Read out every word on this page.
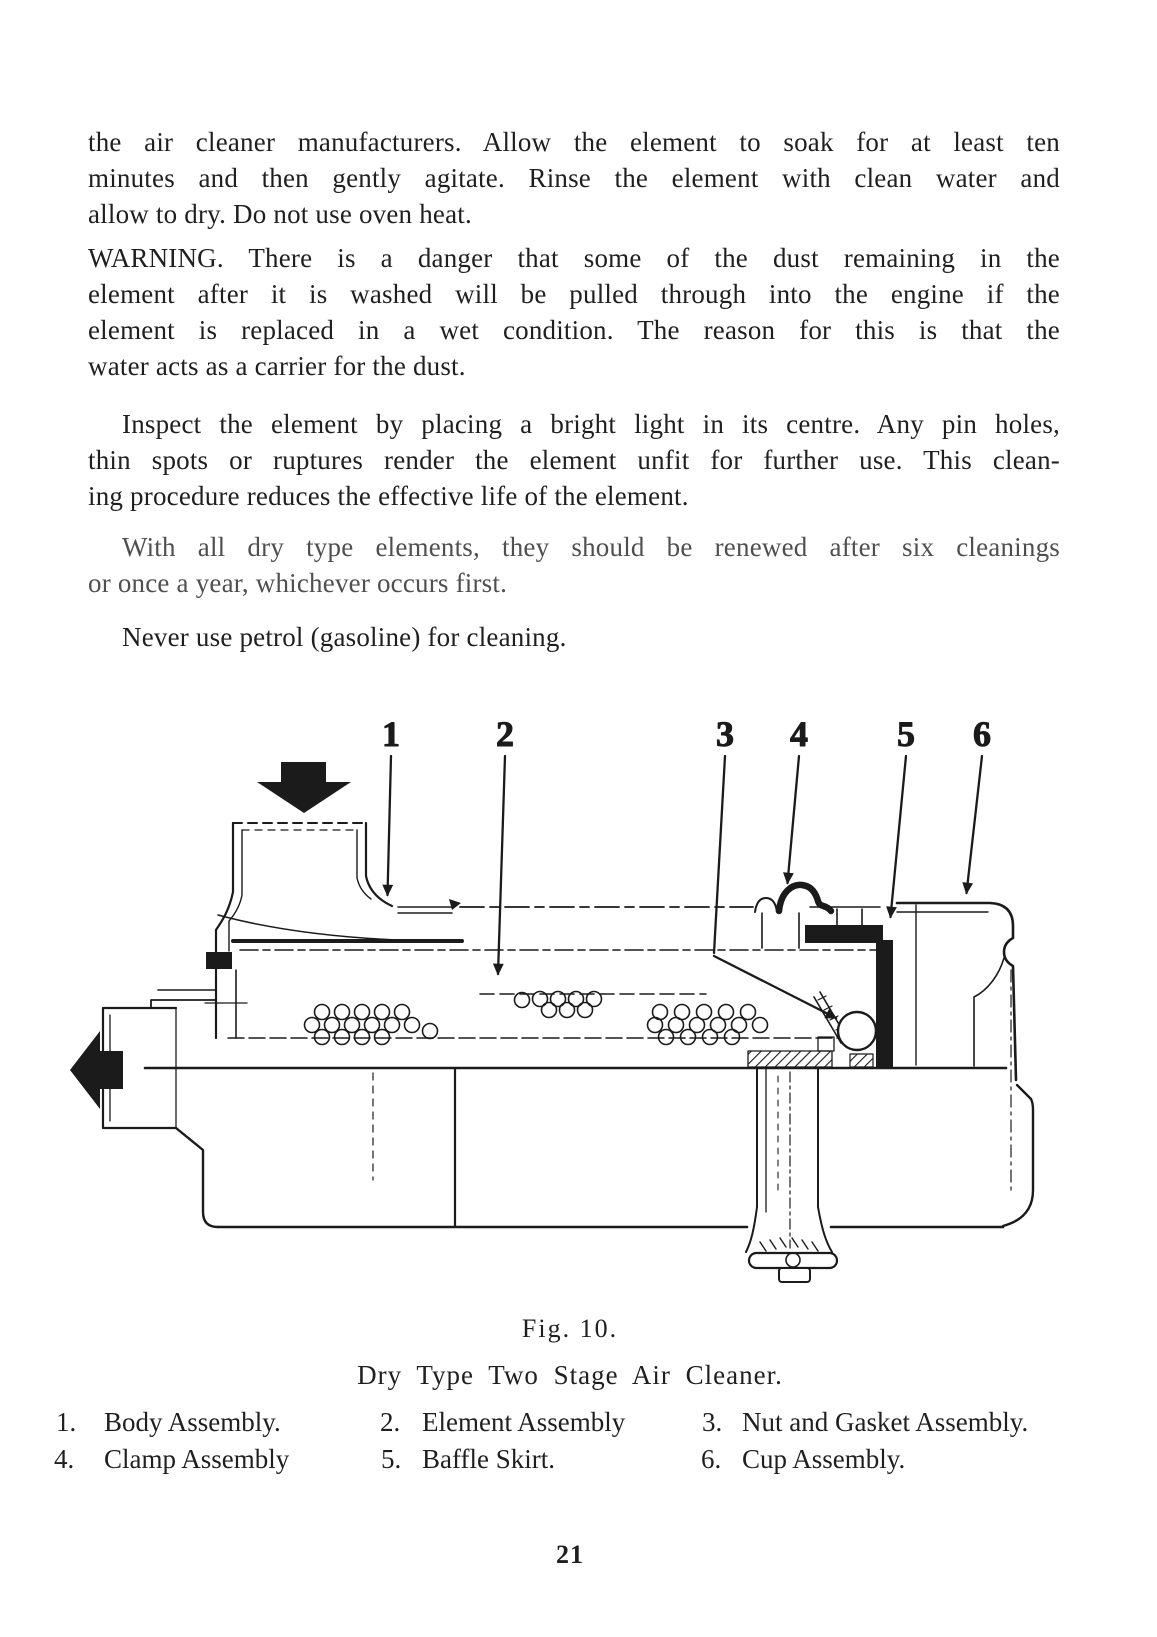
the air cleaner manufacturers. Allow the element to soak for at least ten
minutes and then gently agitate. Rinse the element with clean water and
allow to dry. Do not use oven heat.
WARNING. There is a danger that some of the dust remaining in the
element after it is washed will be pulled through into the engine if the
element is replaced in a wet condition. The reason for this is that the
water acts as a carrier for the dust.
Inspect the element by placing a bright light in its centre. Any pin holes,
thin spots or ruptures render the element unfit for further use. This clean-
ing procedure reduces the effective life of the element.
With all dry type elements, they should be renewed after six cleanings
or once a year, whichever occurs first.
Never use petrol (gasoline) for cleaning.
1	2	3 4 5 6
Fig. 10.
Dry Type Two Stage Air Cleaner.
1. Body Assembly.	2. Element Assembly	3. Nut and Gasket Assembly.
4. Clamp Assembly	5. Baffle Skirt.	6. Cup Assembly.
21
